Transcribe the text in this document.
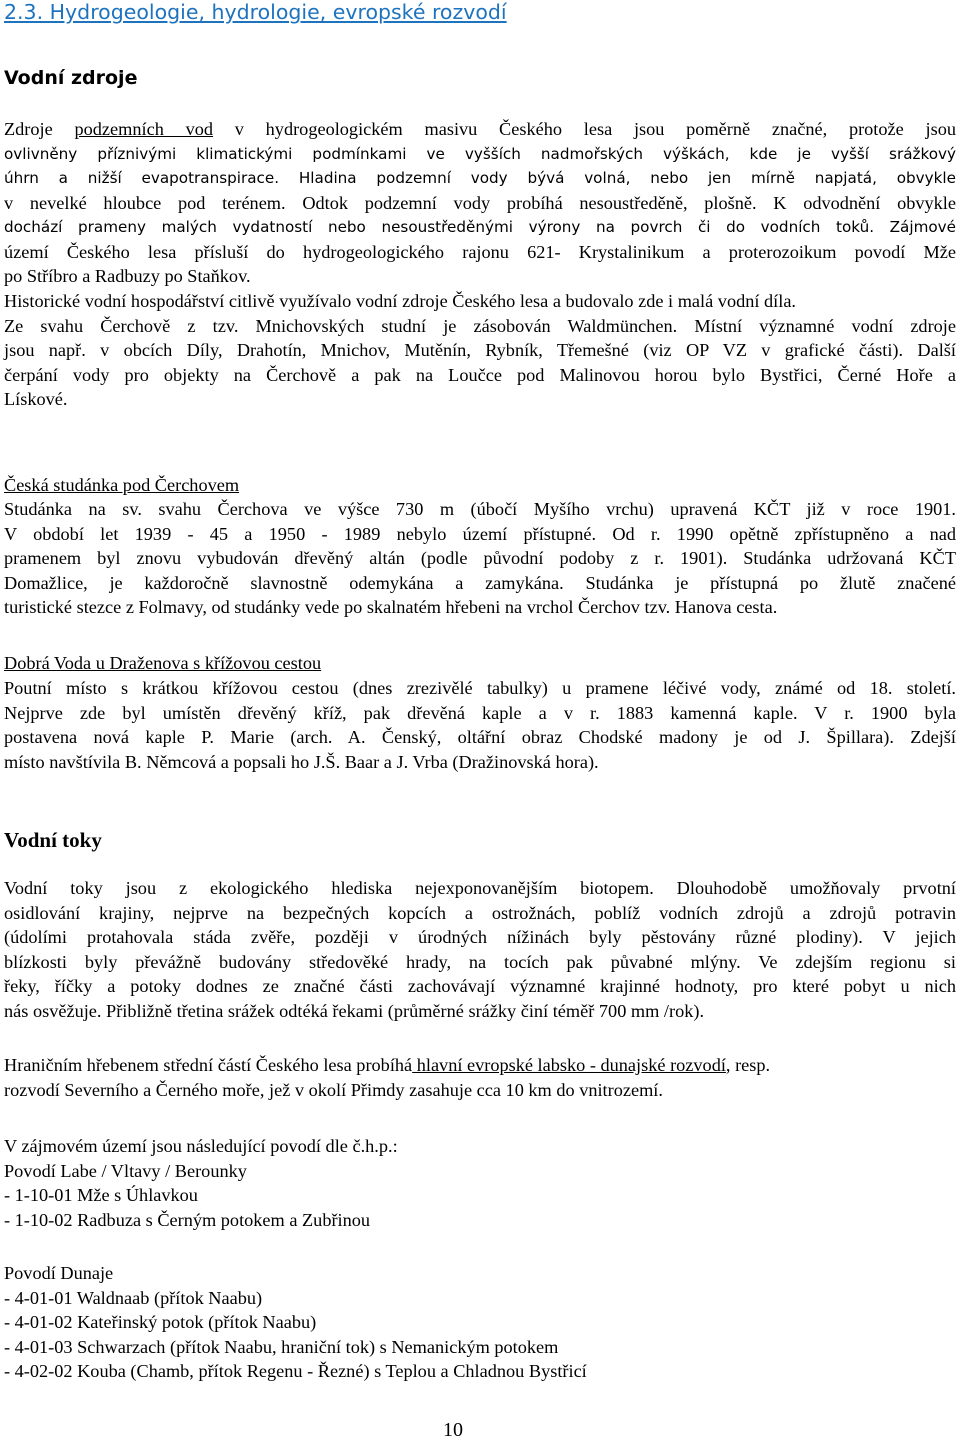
2.3. Hydrogeologie, hydrologie, evropské rozvodí
Vodní zdroje
Zdroje podzemních vod v hydrogeologickém masivu Českého lesa jsou poměrně značné, protože jsou
ovlivněny příznivými klimatickými podmínkami ve vyšších nadmořských výškách, kde je vyšší srážkový
úhrn a nižší evapotranspirace. Hladina podzemní vody bývá volná, nebo jen mírně napjatá, obvykle
v nevelké hloubce pod terénem. Odtok podzemní vody probíhá nesoustředěně, plošně. K odvodnění obvykle
dochází prameny malých vydatností nebo nesoustředěnými výrony na povrch či do vodních toků. Zájmové
území Českého lesa přísluší do hydrogeologického rajonu 621- Krystalinikum a proterozoikum povodí Mže
po Stříbro a Radbuzy po Staňkov.
Historické vodní hospodářství citlivě využívalo vodní zdroje Českého lesa a budovalo zde i malá vodní díla.
Ze svahu Čerchově z tzv. Mnichovských studní je zásobován Waldmünchen. Místní významné vodní zdroje
jsou např. v obcích Díly, Drahotín, Mnichov, Mutěnín, Rybník, Třemešné (viz OP VZ v grafické části). Další
čerpání vody pro objekty na Čerchově a pak na Loučce pod Malinovou horou bylo Bystřici, Černé Hoře a
Lískové.
Česká studánka pod Čerchovem
Studánka na sv. svahu Čerchova ve výšce 730 m (úbočí Myšího vrchu) upravená KČT již v roce 1901.
V období let 1939 - 45 a 1950 - 1989 nebylo území přístupné. Od r. 1990 opětně zpřístupněno a nad
pramenem byl znovu vybudován dřevěný altán (podle původní podoby z r. 1901). Studánka udržovaná KČT
Domažlice, je každoročně slavnostně odemykána a zamykána. Studánka je přístupná po žlutě značené
turistické stezce z Folmavy, od studánky vede po skalnatém hřebeni na vrchol Čerchov tzv. Hanova cesta.
Dobrá Voda u Draženova s křížovou cestou
Poutní místo s krátkou křížovou cestou (dnes zrezivělé tabulky) u pramene léčivé vody, známé od 18. století.
Nejprve zde byl umístěn dřevěný kříž, pak dřevěná kaple a v r. 1883 kamenná kaple. V r. 1900 byla
postavena nová kaple P. Marie (arch. A. Čenský, oltářní obraz Chodské madony je od J. Špillara). Zdejší
místo navštívila B. Němcová a popsali ho J.Š. Baar a J. Vrba (Dražinovská hora).
Vodní toky
Vodní toky jsou z ekologického hlediska nejexponovanějším biotopem. Dlouhodobě umožňovaly prvotní
osidlování krajiny, nejprve na bezpečných kopcích a ostrožnách, poblíž vodních zdrojů a zdrojů potravin
(údolími protahovala stáda zvěře, později v úrodných nížinách byly pěstovány různé plodiny). V jejich
blízkosti byly převážně budovány středověké hrady, na tocích pak půvabné mlýny. Ve zdejším regionu si
řeky, říčky a potoky dodnes ze značné části zachovávají významné krajinné hodnoty, pro které pobyt u nich
nás osvěžuje. Přibližně třetina srážek odtéká řekami (průměrné srážky činí téměř 700 mm /rok).
Hraničním hřebenem střední částí Českého lesa probíhá hlavní evropské labsko - dunajské rozvodí, resp.
rozvodí Severního a Černého moře, jež v okolí Přimdy zasahuje cca 10 km do vnitrozemí.
V zájmovém území jsou následující povodí dle č.h.p.:
Povodí Labe / Vltavy / Berounky
- 1-10-01 Mže s Úhlavkou
- 1-10-02 Radbuza s Černým potokem a Zubřinou
Povodí Dunaje
- 4-01-01 Waldnaab (přítok Naabu)
- 4-01-02 Kateřinský potok (přítok Naabu)
- 4-01-03 Schwarzach (přítok Naabu, hraniční tok) s Nemanickým potokem
- 4-02-02 Kouba (Chamb, přítok Regenu - Řezné) s Teplou a Chladnou Bystřicí
10
